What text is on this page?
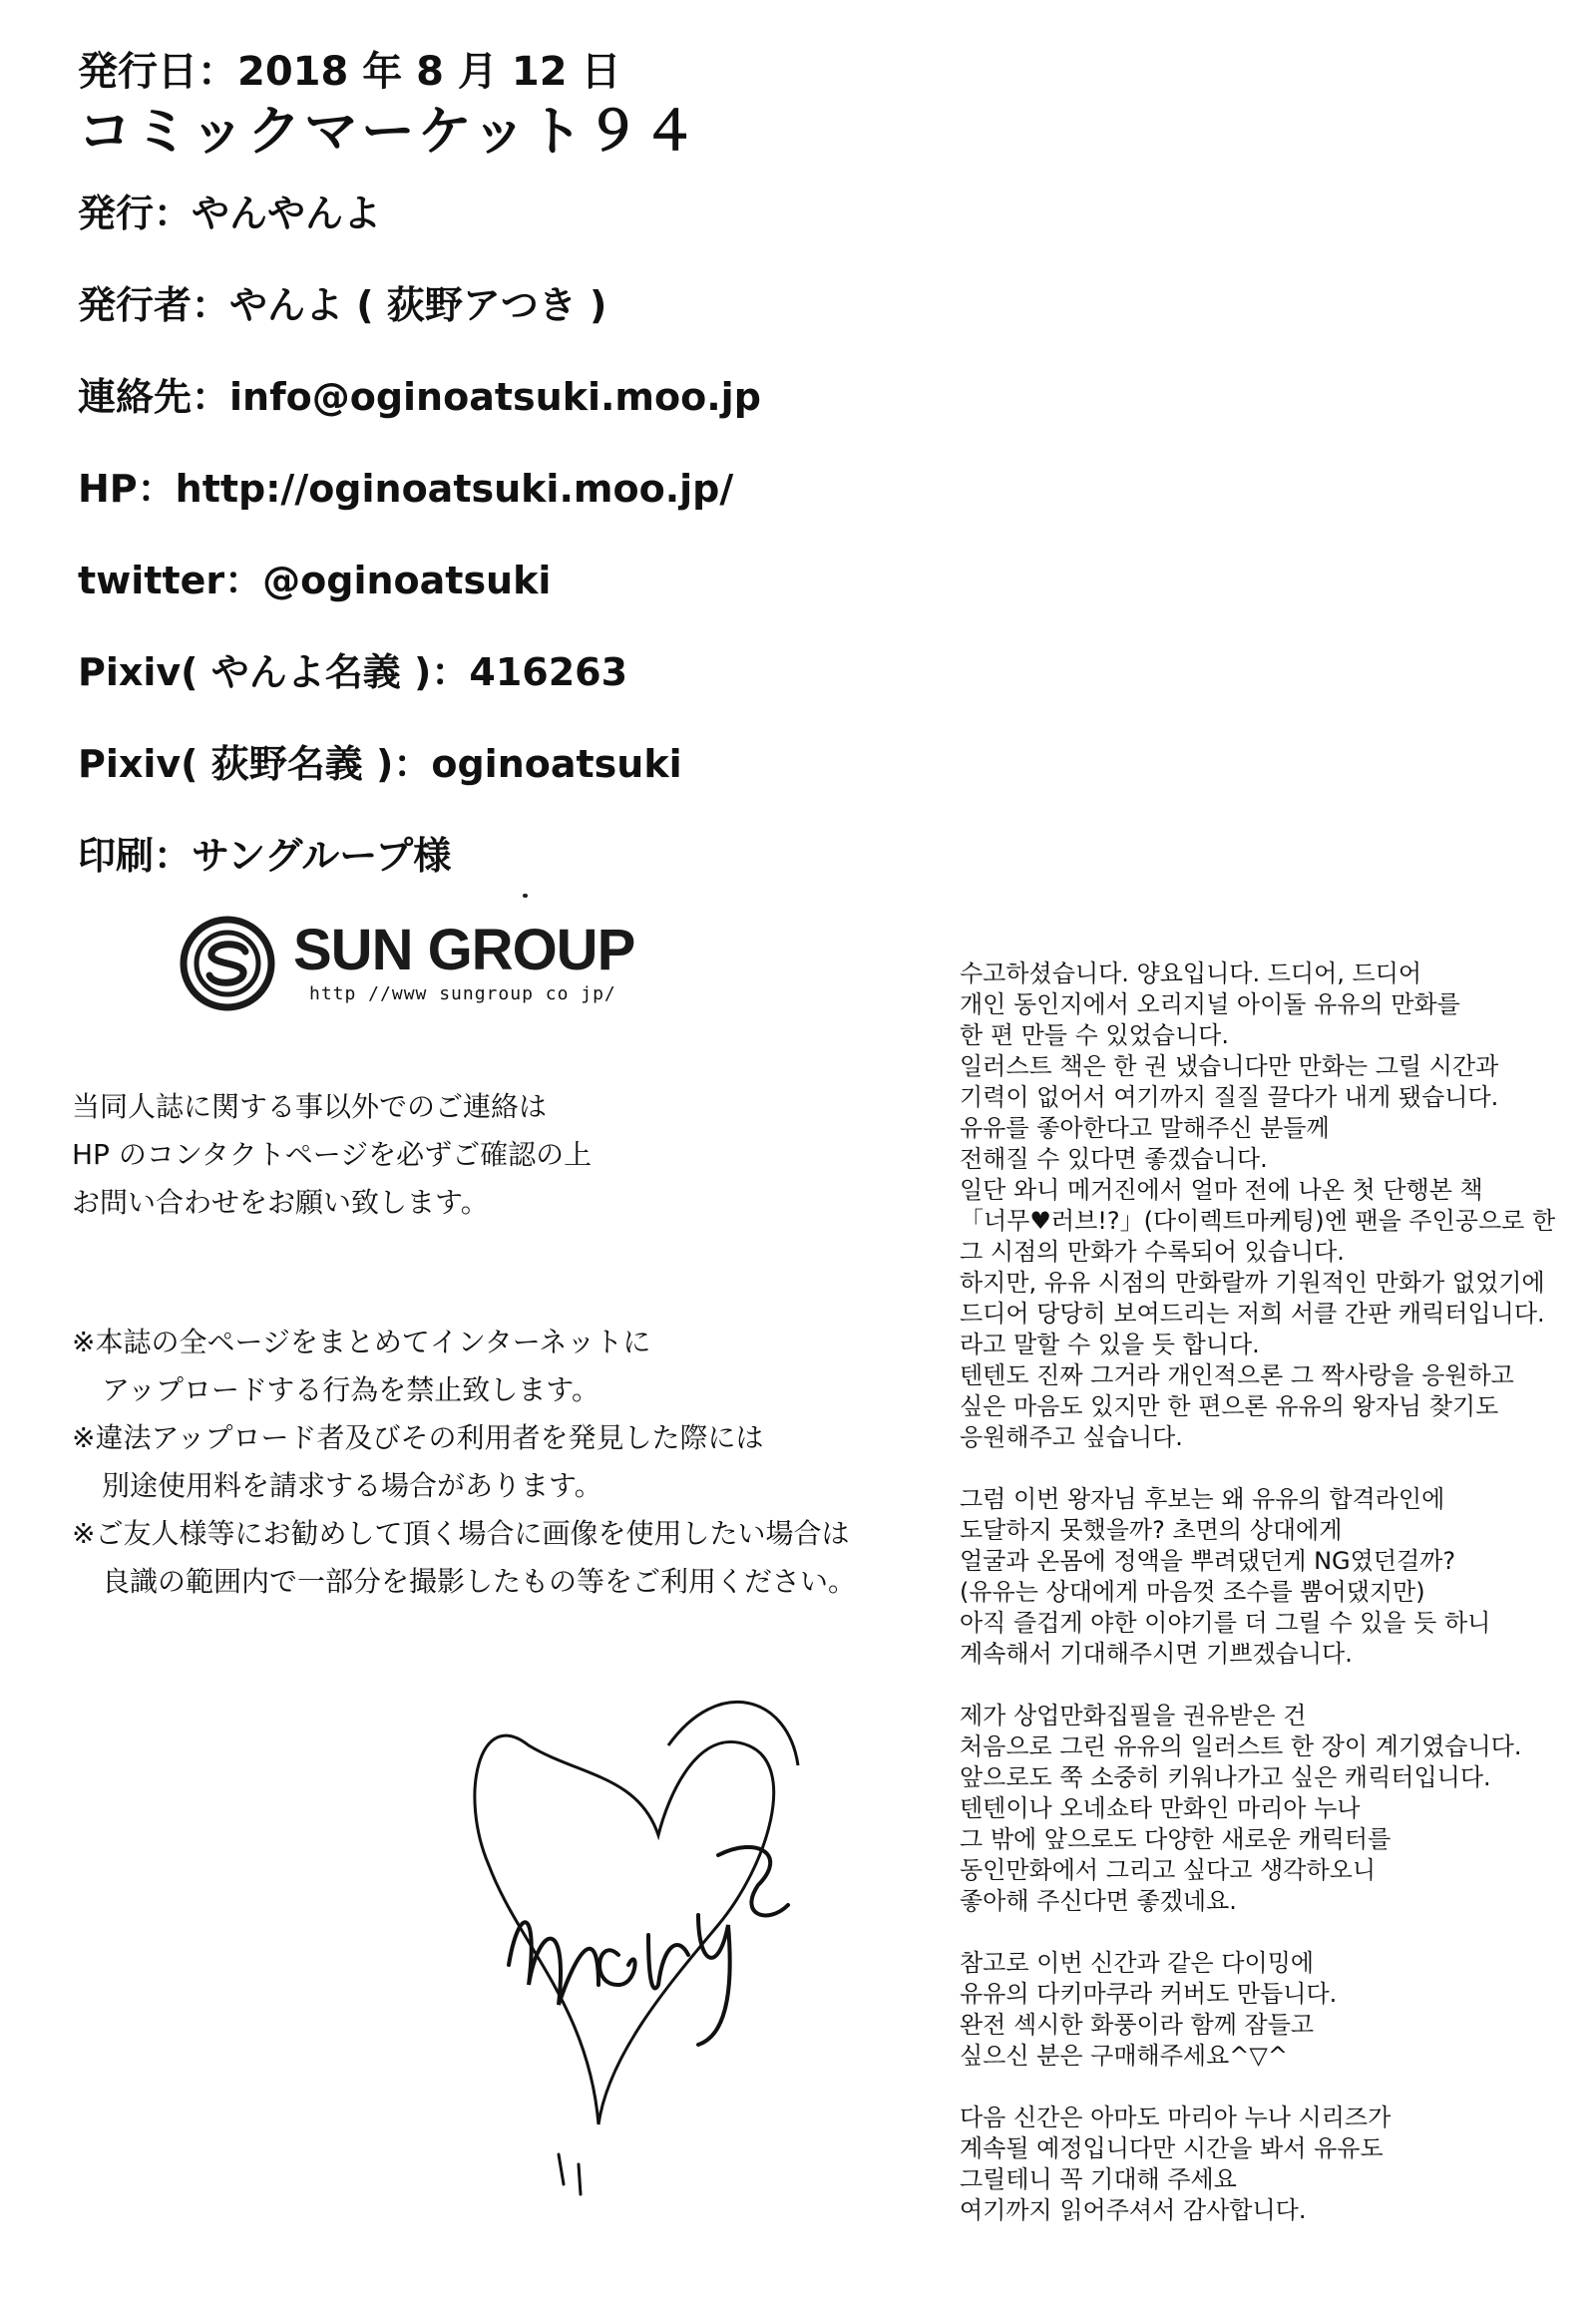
発行日：2018 年 8 月 12 日

コミックマーケット９４

発行：やんやんよ
発行者：やんよ ( 荻野アつき )
連絡先：info@oginoatsuki.moo.jp
HP：http://oginoatsuki.moo.jp/
twitter：@oginoatsuki
Pixiv( やんよ名義 )：416263
Pixiv( 荻野名義 )：oginoatsuki
印刷：サングループ様
SUN GROUP
http //www sungroup co jp/
当同人誌に関する事以外でのご連絡は
HP のコンタクトページを必ずご確認の上
お問い合わせをお願い致します。
※本誌の全ページをまとめてインターネットに
アップロードする行為を禁止致します。
※違法アップロード者及びその利用者を発見した際には
別途使用料を請求する場合があります。
※ご友人様等にお勧めして頂く場合に画像を使用したい場合は
良識の範囲内で一部分を撮影したもの等をご利用ください。
수고하셨습니다. 양요입니다. 드디어, 드디어
개인 동인지에서 오리지널 아이돌 유유의 만화를
한 편 만들 수 있었습니다.
일러스트 책은 한 권 냈습니다만 만화는 그릴 시간과
기력이 없어서 여기까지 질질 끌다가 내게 됐습니다.
유유를 좋아한다고 말해주신 분들께
전해질 수 있다면 좋겠습니다.
일단 와니 메거진에서 얼마 전에 나온 첫 단행본 책
「너무♥러브!?」(다이렉트마케팅)엔 팬을 주인공으로 한
그 시점의 만화가 수록되어 있습니다.
하지만, 유유 시점의 만화랄까 기원적인 만화가 없었기에
드디어 당당히 보여드리는 저희 서클 간판 캐릭터입니다.
라고 말할 수 있을 듯 합니다.
텐텐도 진짜 그거라 개인적으론 그 짝사랑을 응원하고
싶은 마음도 있지만 한 편으론 유유의 왕자님 찾기도
응원해주고 싶습니다.
그럼 이번 왕자님 후보는 왜 유유의 합격라인에
도달하지 못했을까? 초면의 상대에게
얼굴과 온몸에 정액을 뿌려댔던게 NG였던걸까?
(유유는 상대에게 마음껏 조수를 뿜어댔지만)
아직 즐겁게 야한 이야기를 더 그릴 수 있을 듯 하니
계속해서 기대해주시면 기쁘겠습니다.
제가 상업만화집필을 권유받은 건
처음으로 그린 유유의 일러스트 한 장이 계기였습니다.
앞으로도 쭉 소중히 키워나가고 싶은 캐릭터입니다.
텐텐이나 오네쇼타 만화인 마리아 누나
그 밖에 앞으로도 다양한 새로운 캐릭터를
동인만화에서 그리고 싶다고 생각하오니
좋아해 주신다면 좋겠네요.
참고로 이번 신간과 같은 다이밍에
유유의 다키마쿠라 커버도 만듭니다.
완전 섹시한 화풍이라 함께 잠들고
싶으신 분은 구매해주세요^▽^
다음 신간은 아마도 마리아 누나 시리즈가
계속될 예정입니다만 시간을 봐서 유유도
그릴테니 꼭 기대해 주세요
여기까지 읽어주셔서 감사합니다.
